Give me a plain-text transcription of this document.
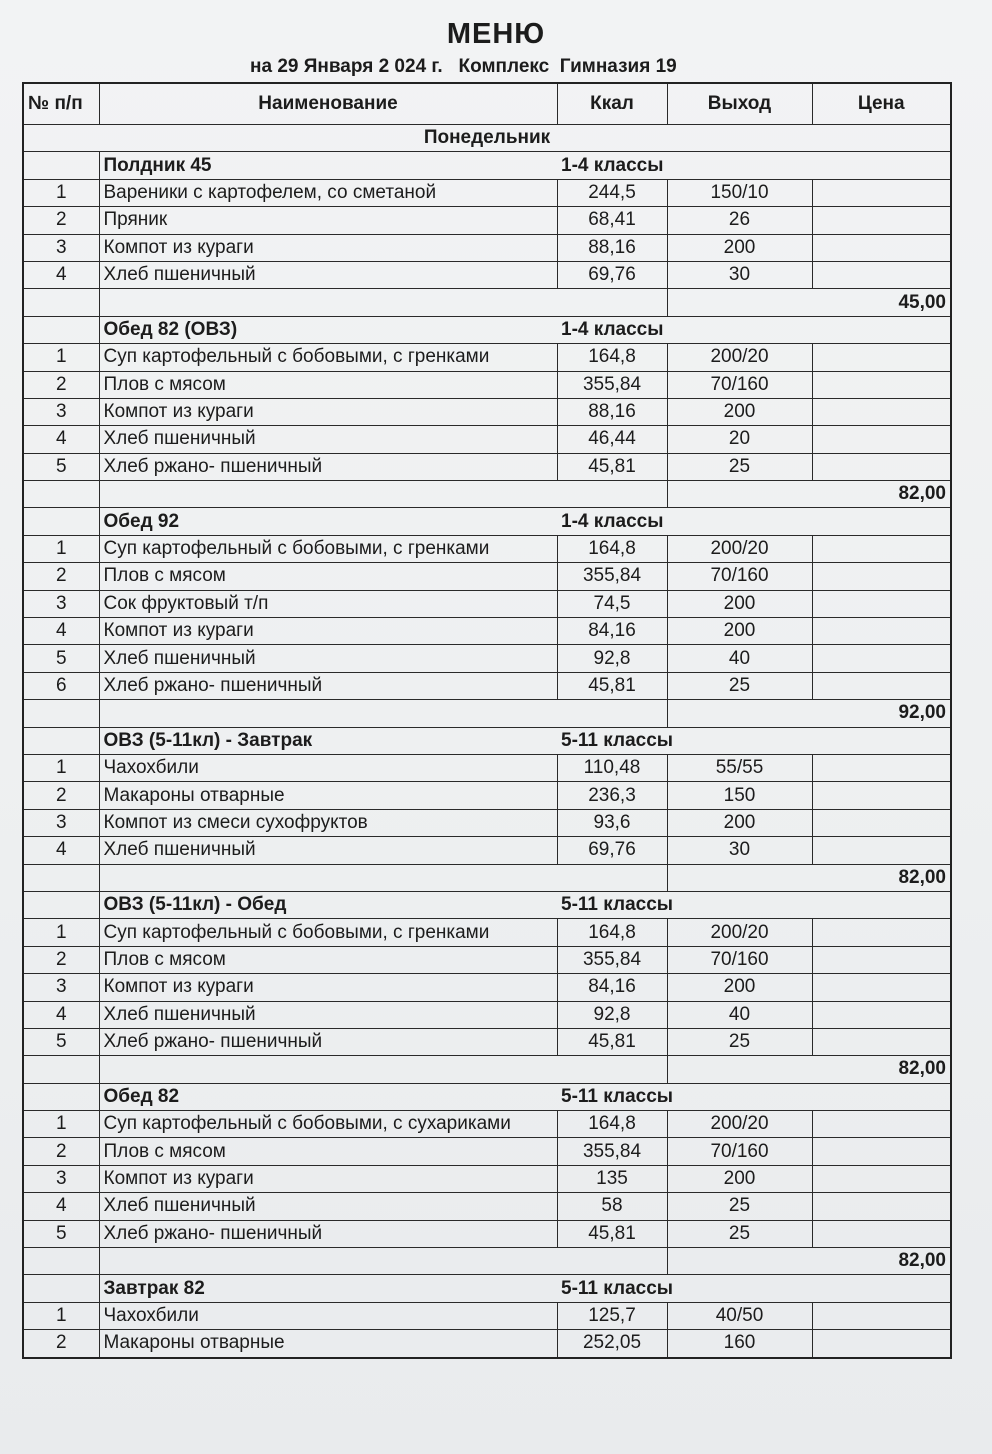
МЕНЮ
на 29 Января 2 024 г.   Комплекс  Гимназия 19
№ п/п	Наименование	Ккал	Выход	Цена
Понедельник				
	Полдник 45	1-4 классы		
1	Вареники с картофелем, со сметаной	244,5	150/10	
2	Пряник	68,41	26	
3	Компот из кураги	88,16	200	
4	Хлеб пшеничный	69,76	30	
			45,00	
	Обед 82 (ОВЗ)	1-4 классы		
1	Суп картофельный с бобовыми, с гренками	164,8	200/20	
2	Плов с мясом	355,84	70/160	
3	Компот из кураги	88,16	200	
4	Хлеб пшеничный	46,44	20	
5	Хлеб ржано- пшеничный	45,81	25	
			82,00	
	Обед 92	1-4 классы		
1	Суп картофельный с бобовыми, с гренками	164,8	200/20	
2	Плов с мясом	355,84	70/160	
3	Сок фруктовый т/п	74,5	200	
4	Компот из кураги	84,16	200	
5	Хлеб пшеничный	92,8	40	
6	Хлеб ржано- пшеничный	45,81	25	
			92,00	
	ОВЗ (5-11кл) - Завтрак	5-11 классы		
1	Чахохбили	110,48	55/55	
2	Макароны отварные	236,3	150	
3	Компот из смеси сухофруктов	93,6	200	
4	Хлеб пшеничный	69,76	30	
			82,00	
	ОВЗ (5-11кл) - Обед	5-11 классы		
1	Суп картофельный с бобовыми, с гренками	164,8	200/20	
2	Плов с мясом	355,84	70/160	
3	Компот из кураги	84,16	200	
4	Хлеб пшеничный	92,8	40	
5	Хлеб ржано- пшеничный	45,81	25	
			82,00	
	Обед 82	5-11 классы		
1	Суп картофельный с бобовыми, с сухариками	164,8	200/20	
2	Плов с мясом	355,84	70/160	
3	Компот из кураги	135	200	
4	Хлеб пшеничный	58	25	
5	Хлеб ржано- пшеничный	45,81	25	
			82,00	
	Завтрак 82	5-11 классы		
1	Чахохбили	125,7	40/50	
2	Макароны отварные	252,05	160	
